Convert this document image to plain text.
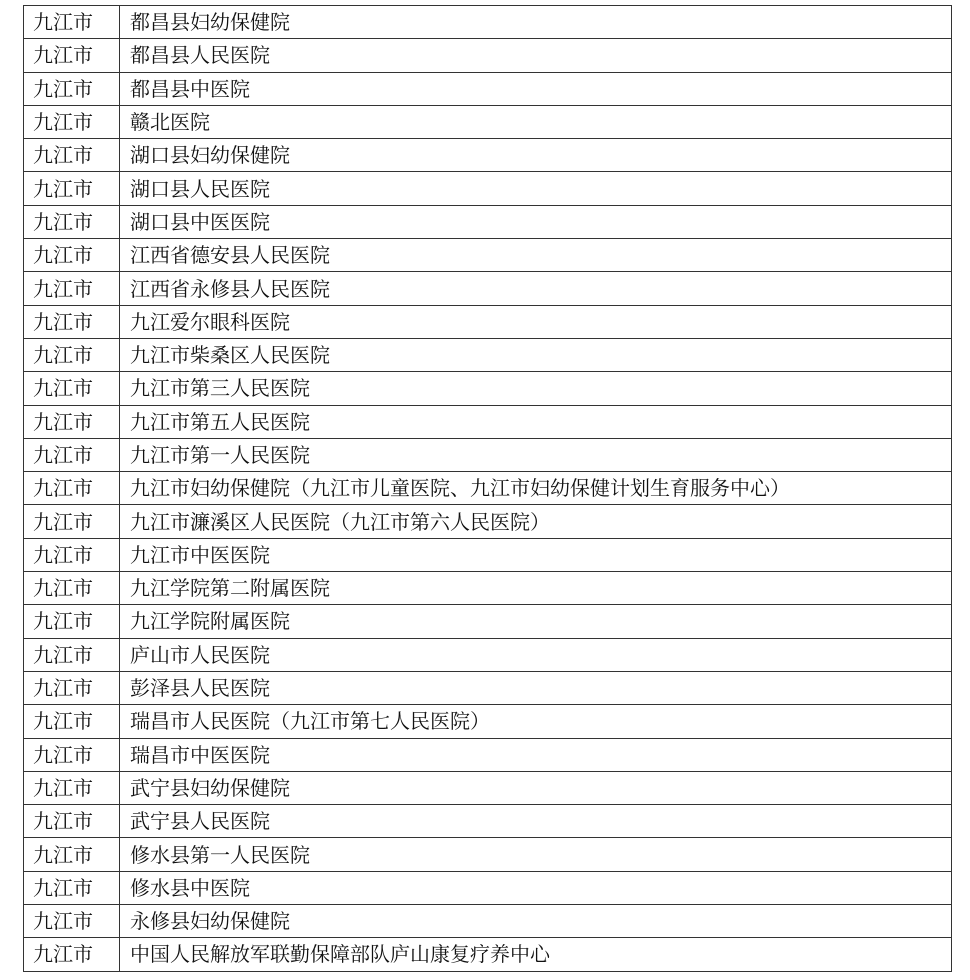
九江市	都昌县妇幼保健院
九江市	都昌县人民医院
九江市	都昌县中医院
九江市	赣北医院
九江市	湖口县妇幼保健院
九江市	湖口县人民医院
九江市	湖口县中医医院
九江市	江西省德安县人民医院
九江市	江西省永修县人民医院
九江市	九江爱尔眼科医院
九江市	九江市柴桑区人民医院
九江市	九江市第三人民医院
九江市	九江市第五人民医院
九江市	九江市第一人民医院
九江市	九江市妇幼保健院（九江市儿童医院、九江市妇幼保健计划生育服务中心）
九江市	九江市濂溪区人民医院（九江市第六人民医院）
九江市	九江市中医医院
九江市	九江学院第二附属医院
九江市	九江学院附属医院
九江市	庐山市人民医院
九江市	彭泽县人民医院
九江市	瑞昌市人民医院（九江市第七人民医院）
九江市	瑞昌市中医医院
九江市	武宁县妇幼保健院
九江市	武宁县人民医院
九江市	修水县第一人民医院
九江市	修水县中医院
九江市	永修县妇幼保健院
九江市	中国人民解放军联勤保障部队庐山康复疗养中心
